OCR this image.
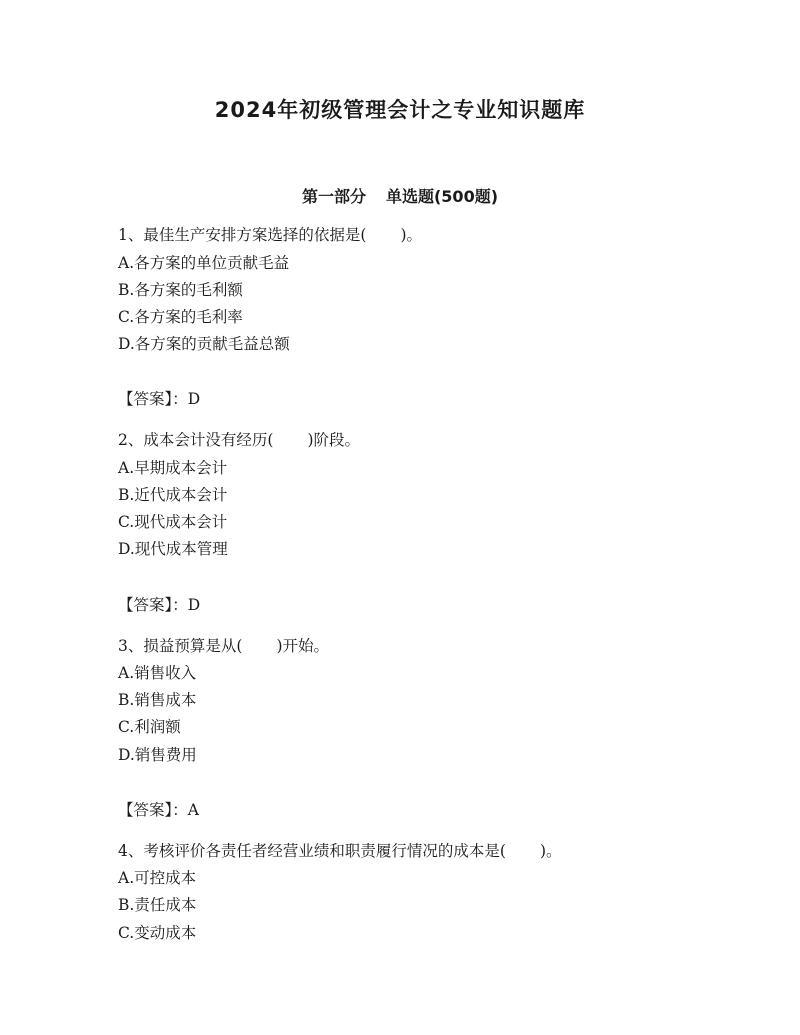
2024年初级管理会计之专业知识题库
第一部分 单选题(500题)
1、最佳生产安排方案选择的依据是( )。
A.各方案的单位贡献毛益
B.各方案的毛利额
C.各方案的毛利率
D.各方案的贡献毛益总额
【答案】：D
2、成本会计没有经历( )阶段。
A.早期成本会计
B.近代成本会计
C.现代成本会计
D.现代成本管理
【答案】：D
3、损益预算是从( )开始。
A.销售收入
B.销售成本
C.利润额
D.销售费用
【答案】：A
4、考核评价各责任者经营业绩和职责履行情况的成本是( )。
A.可控成本
B.责任成本
C.变动成本
